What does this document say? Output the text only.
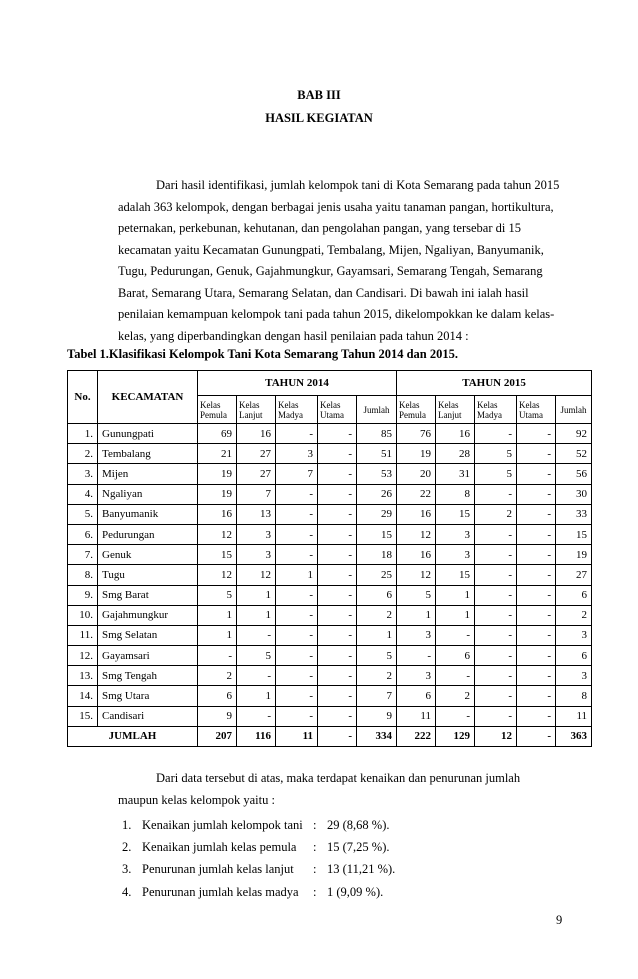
BAB III
HASIL KEGIATAN

Dari hasil identifikasi, jumlah kelompok tani di Kota Semarang pada tahun 2015

adalah 363 kelompok, dengan berbagai jenis usaha yaitu tanaman pangan, hortikultura,

peternakan, perkebunan, kehutanan, dan pengolahan pangan, yang tersebar di 15

kecamatan yaitu Kecamatan Gunungpati, Tembalang, Mijen, Ngaliyan, Banyumanik,

Tugu, Pedurungan, Genuk, Gajahmungkur, Gayamsari, Semarang Tengah, Semarang

Barat, Semarang Utara, Semarang Selatan, dan Candisari. Di bawah ini ialah hasil

penilaian kemampuan kelompok tani pada tahun 2015, dikelompokkan ke dalam kelas-

kelas, yang diperbandingkan dengan hasil penilaian pada tahun 2014 :

Tabel 1.Klasifikasi Kelompok Tani Kota Semarang Tahun 2014 dan 2015.
No.	KECAMATAN	TAHUN 2014					TAHUN 2015				
		Kelas Pemula	Kelas Lanjut	Kelas Madya	Kelas Utama	Jumlah	Kelas Pemula	Kelas Lanjut	Kelas Madya	Kelas Utama	Jumlah
1.	Gunungpati	69	16	-	-	85	76	16	-	-	92
2.	Tembalang	21	27	3	-	51	19	28	5	-	52
3.	Mijen	19	27	7	-	53	20	31	5	-	56
4.	Ngaliyan	19	7	-	-	26	22	8	-	-	30
5.	Banyumanik	16	13	-	-	29	16	15	2	-	33
6.	Pedurungan	12	3	-	-	15	12	3	-	-	15
7.	Genuk	15	3	-	-	18	16	3	-	-	19
8.	Tugu	12	12	1	-	25	12	15	-	-	27
9.	Smg Barat	5	1	-	-	6	5	1	-	-	6
10.	Gajahmungkur	1	1	-	-	2	1	1	-	-	2
11.	Smg Selatan	1	-	-	-	1	3	-	-	-	3
12.	Gayamsari	-	5	-	-	5	-	6	-	-	6
13.	Smg Tengah	2	-	-	-	2	3	-	-	-	3
14.	Smg Utara	6	1	-	-	7	6	2	-	-	8
15.	Candisari	9	-	-	-	9	11	-	-	-	11
JUMLAH		207	116	11	-	334	222	129	12	-	363
Dari data tersebut di atas, maka terdapat kenaikan dan penurunan jumlah
maupun kelas kelompok yaitu :
1. Kenaikan jumlah kelompok tani : 29 (8,68 %).
2. Kenaikan jumlah kelas pemula : 15 (7,25 %).
3. Penurunan jumlah kelas lanjut : 13 (11,21 %).
4. Penurunan jumlah kelas madya : 1 (9,09 %).
9
